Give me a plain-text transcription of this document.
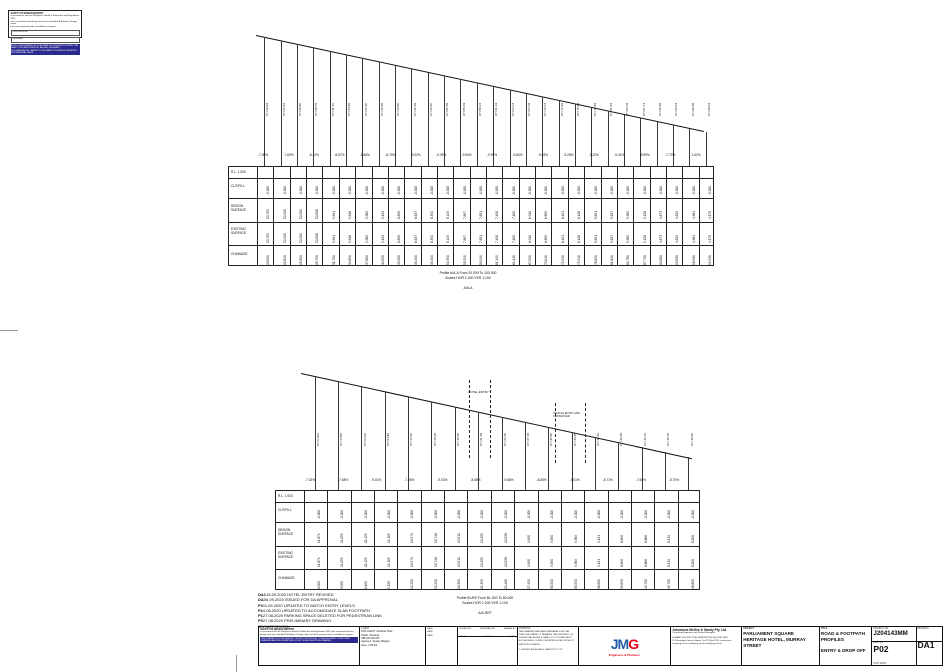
SAFETY IN DESIGN REPORT
In accordance with the Workplace Health & Safety Act and Regulations 2011,
risks associated with design have been identified. A Safety In Design report
has been prepared and is available on request.
RISK REGISTER
DESIGNER
NOTE: THIS DRAWING IS TO BE READ IN CONJUNCTION WITH THE SAFETY IN DESIGN REPORT AND ALL RELEVANT DOCUMENTATION. REFER TO THE SAFETY IN DESIGN REGISTER FOR RESIDUAL RISKS.
CH 19.93	CH 22.84	CH 25.80	CH 28.75	CH 31.70	CH 34.65	CH 37.60	CH 40.55	CH 43.50	CH 46.45	CH 49.40	CH 52.35	CH 55.29	CH 58.24	CH 61.19	CH 64.14	CH 67.09	CH 70.04	CH 72.99	CH 75.94	CH 78.89	CH 81.84	CH 84.78	CH 87.73	CH 90.68	CH 93.63	CH 96.58	CH 99.53
-7.08%	-7.60%	-8.12%	-8.87%	-8.66%	-8.79%	-9.22%	-9.49%	-9.64%	-9.99%	-9.84%	-9.03%	-9.28%	-9.22%	-9.41%	-8.99%	-7.73%	-1.62%
R.L. 1.000
CUT/FILL
DESIGN SURFACE
EXISTING SURFACE
CHAINAGE
-0.000	-0.000	-0.000	-0.000	-0.000	-0.000	-0.000	-0.000	-0.000	-0.000	-0.000	-0.000	-0.000	-0.000	-0.000	-0.000	-0.000	-0.000	-0.000	-0.000	-0.000	-0.000	-0.000	-0.000	-0.000	-0.000	-0.000	-0.000
10.703	10.490	10.282	10.068	9.841	9.616	9.382	9.132	8.890	8.637	8.392	8.145	7.897	7.651	7.406	7.160	6.910	6.655	6.401	6.146	5.891	5.637	5.382	5.128	4.873	4.619	4.364	4.175
10.703	10.490	10.282	10.068	9.841	9.616	9.382	9.132	8.890	8.637	8.392	8.145	7.897	7.651	7.406	7.160	6.910	6.655	6.401	6.146	5.891	5.637	5.382	5.128	4.873	4.619	4.364	4.175
20.000	22.840	25.800	28.750	31.700	34.650	37.600	40.550	43.500	46.450	49.400	52.350	55.290	58.240	61.190	64.140	67.090	70.040	72.990	75.940	78.890	81.840	84.780	87.730	90.680	93.630	96.580	99.530
Profile A/A-A From 20.000 To 100.000
Scales HOR 1:200 VER 1:100
A/A-A
CH 0.000	CH 3.050	CH 6.100	CH 9.150	CH 12.20	CH 15.25	CH 18.30	CH 21.35	CH 24.40	CH 27.45	CH 30.50	CH 33.55	CH 36.60	CH 39.65	CH 42.70	CH 45.75	CH 48.80
-7.03%	-7.68%	-9.01%	-7.26%	-9.53%	-8.58%	-9.68%	-8.85%	-9.01%	-8.71%	-7.58%	-5.70%
HOTEL ENTRY
VEHICLE ENTRY AND CROSSOVER
R.L. 1.000
CUT/FILL
DESIGN SURFACE
EXISTING SURFACE
CHAINAGE
-0.000	-0.000	-0.000	-0.000	-0.000	-0.000	-0.000	-0.000	-0.000	-0.000	-0.000	-0.000	-0.000	-0.000	-0.000	-0.000	-0.000
11.874	11.653	11.423	11.195	10.974	10.748	10.512	10.283	10.058	9.830	9.590	9.369	9.121	8.890	8.666	8.432	8.206
11.874	11.653	11.423	11.195	10.974	10.748	10.512	10.283	10.058	9.830	9.590	9.369	9.121	8.890	8.666	8.432	8.206
0.000	3.050	6.100	9.150	12.200	15.250	18.300	21.350	24.400	27.450	30.500	33.550	36.600	39.650	42.700	45.750	48.800
Profile BL/BS From BL.000 To 80.000
Scales HOR 1:200 VER 1:100
A/A-REF
DA115.09.2020 HOTEL ENTRY REVISED
DA06.09.2020 ISSUED FOR DA APPROVAL
P311.09.2020 UPDATED TO MATCH ENTRY LEVELS
P24.08.2020 UPDATED TO ACCOMODATE SLAB FOOTPATH
P127.08.2020 PARKING SPACE DELETED FOR PEDESTRIAN LINK
P027.08.2020 PRELIMINARY DRAWING
REV DATE REVISION
SAFETY IN DESIGN REPORT
In accordance with the Workplace Health & Safety Act and Regulations 2011 risks associated with this design have been identified. A Safety In Design report has been prepared and is available on request.
THIS DRAWING IS TO BE READ IN CONJUNCTION WITH ALL OTHER RELEVANT CONSULTANT DRAWINGS AND SPECIFICATIONS. DO NOT SCALE FROM THIS DRAWING.
CLIENT
FOR CLIENT : Mondrian Hotel
Hobart, Tasmania
ABN 000 000 000
Approved : Design Manager
Issue : FOR DA
DATE
DATE
DATE
ISSUED BY	DESIGNED BY	DRAWN BY
J.McB	C.D.M	T.N.S
APPROVAL
THIS DRAWING HAS BEEN PREPARED FOR THE PURPOSE STATED. IT REMAINS THE PROPERTY OF JOHNSTONE McGEE & GANDY PTY LTD AND MUST NOT BE USED, COPIED OR REPRODUCED WITHOUT WRITTEN CONSENT.
© JOHNSTONE McGEE & GANDY PTY LTD	JMG
Engineers & Planners
Johnstone McGee & Gandy Pty. Ltd.
Consulting Engineers and Project Managers
HOBART (03) 6231 2555 LAUNCESTON (03) 6331 6555
117 Harrington Street, Hobart, Tas PO Box 1143, Launceston
www.jmg.net.au mail@jmg.net.au mail@jmg.net.au
PROJECT
PARLIAMENT SQUARE HERITAGE HOTEL, MURRAY STREET
TITLE
ROAD & FOOTPATH PROFILES
ENTRY & DROP OFF
PROJECT NO.
J204143MM
DRG. NO.
P02
PLOT DATE :
REVISION
DA1
